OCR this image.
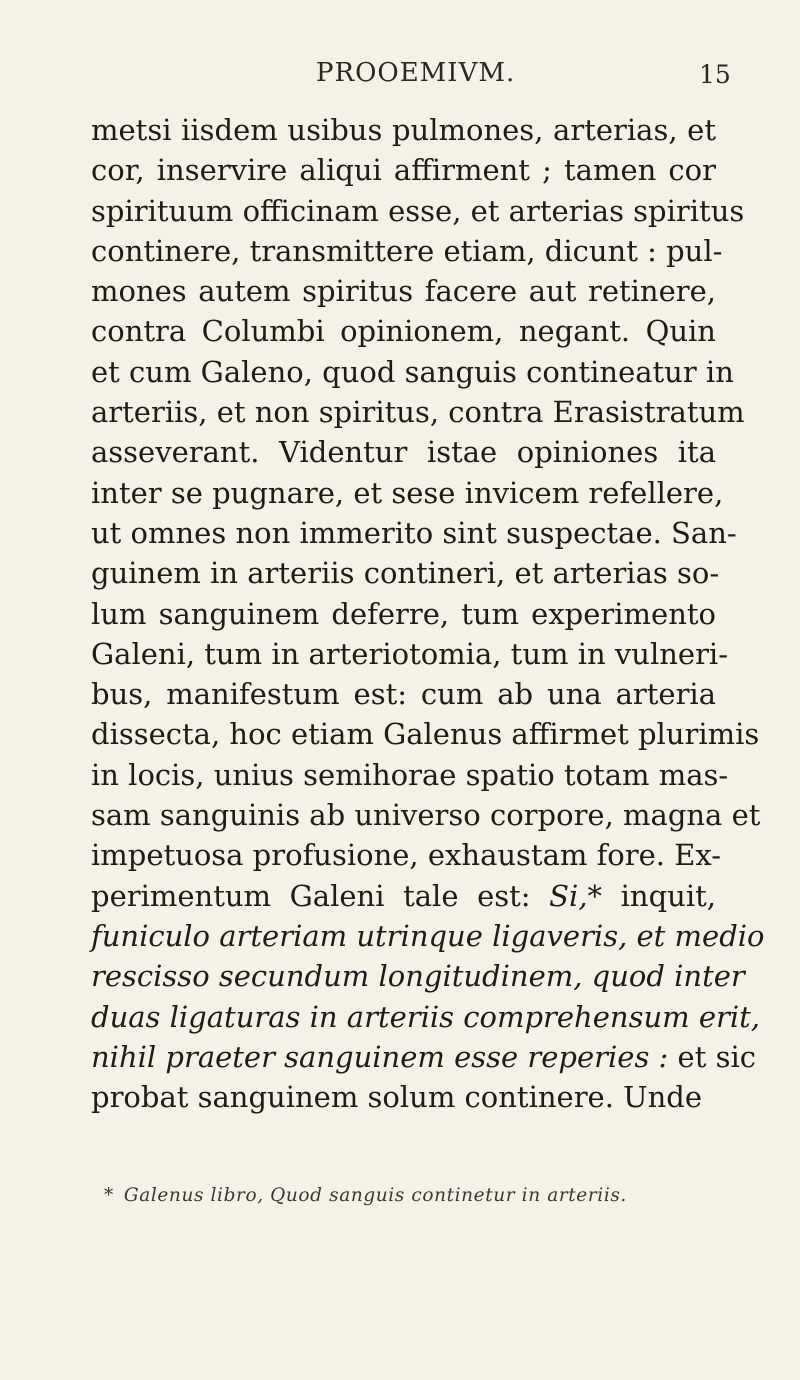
PROOEMIVM.	15
metsi iisdem usibus pulmones, arterias, et
cor, inservire aliqui affirment ; tamen cor
spirituum officinam esse, et arterias spiritus
continere, transmittere etiam, dicunt : pul-
mones autem spiritus facere aut retinere,
contra Columbi opinionem, negant. Quin
et cum Galeno, quod sanguis contineatur in
arteriis, et non spiritus, contra Erasistratum
asseverant. Videntur istae opiniones ita
inter se pugnare, et sese invicem refellere,
ut omnes non immerito sint suspectae. San-
guinem in arteriis contineri, et arterias so-
lum sanguinem deferre, tum experimento
Galeni, tum in arteriotomia, tum in vulneri-
bus, manifestum est: cum ab una arteria
dissecta, hoc etiam Galenus affirmet plurimis
in locis, unius semihorae spatio totam mas-
sam sanguinis ab universo corpore, magna et
impetuosa profusione, exhaustam fore. Ex-
perimentum Galeni tale est: Si,* inquit,
funiculo arteriam utrinque ligaveris, et medio
rescisso secundum longitudinem, quod inter
duas ligaturas in arteriis comprehensum erit,
nihil praeter sanguinem esse reperies : et sic
probat sanguinem solum continere. Unde
* Galenus libro, Quod sanguis continetur in arteriis.
